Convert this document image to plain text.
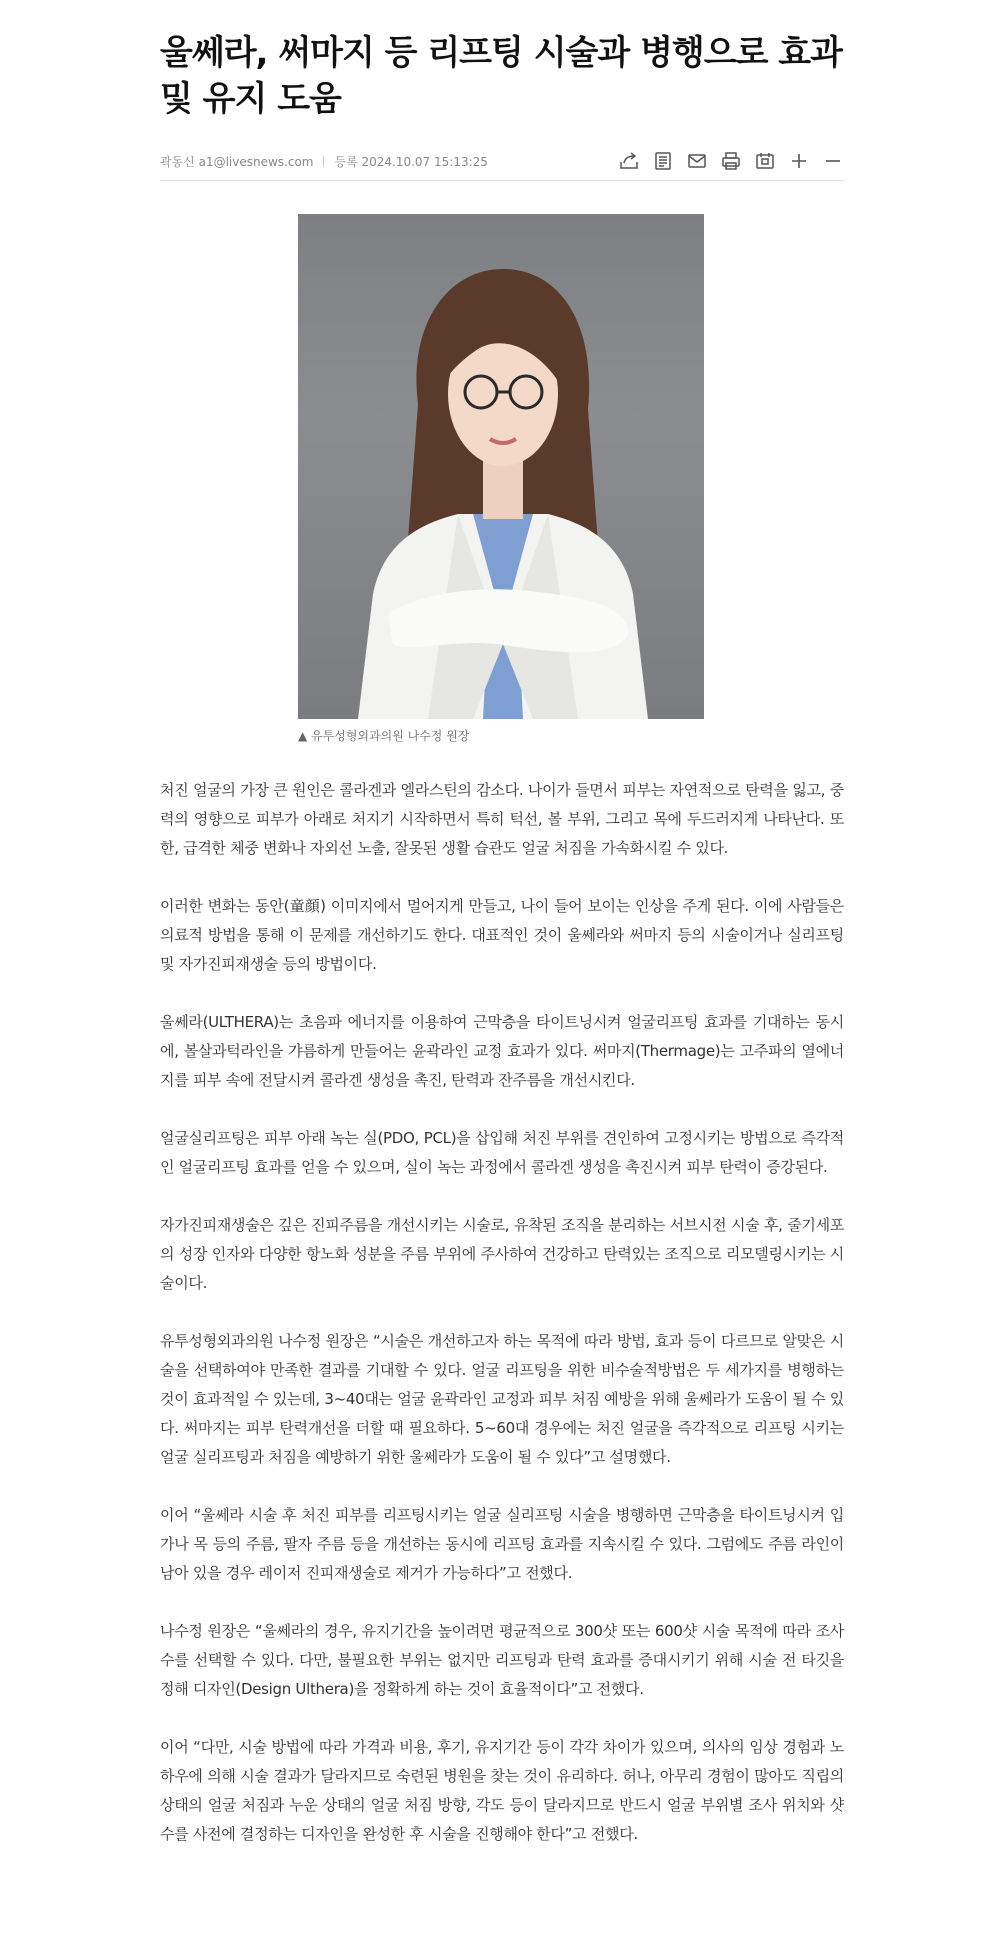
울쎄라, 써마지 등 리프팅 시술과 병행으로 효과 및 유지 도움
곽동신 a1@livesnews.com 등록 2024.10.07 15:13:25
▲ 유투성형외과의원 나수정 원장

처진 얼굴의 가장 큰 원인은 콜라겐과 엘라스틴의 감소다. 나이가 들면서 피부는 자연적으로 탄력을 잃고, 중력의 영향으로 피부가 아래로 처지기 시작하면서 특히 턱선, 볼 부위, 그리고 목에 두드러지게 나타난다. 또한, 급격한 체중 변화나 자외선 노출, 잘못된 생활 습관도 얼굴 처짐을 가속화시킬 수 있다.

이러한 변화는 동안(童顔) 이미지에서 멀어지게 만들고, 나이 들어 보이는 인상을 주게 된다. 이에 사람들은 의료적 방법을 통해 이 문제를 개선하기도 한다. 대표적인 것이 울쎄라와 써마지 등의 시술이거나 실리프팅 및 자가진피재생술 등의 방법이다.

울쎄라(ULTHERA)는 초음파 에너지를 이용하여 근막층을 타이트닝시켜 얼굴리프팅 효과를 기대하는 동시에, 볼살과턱라인을 갸름하게 만들어는 윤곽라인 교정 효과가 있다. 써마지(Thermage)는 고주파의 열에너지를 피부 속에 전달시켜 콜라겐 생성을 촉진, 탄력과 잔주름을 개선시킨다.

얼굴실리프팅은 피부 아래 녹는 실(PDO, PCL)을 삽입해 처진 부위를 견인하여 고정시키는 방법으로 즉각적인 얼굴리프팅 효과를 얻을 수 있으며, 실이 녹는 과정에서 콜라겐 생성을 촉진시켜 피부 탄력이 증강된다.

자가진피재생술은 깊은 진피주름을 개선시키는 시술로, 유착된 조직을 분리하는 서브시전 시술 후, 줄기세포의 성장 인자와 다양한 항노화 성분을 주름 부위에 주사하여 건강하고 탄력있는 조직으로 리모델링시키는 시술이다.

유투성형외과의원 나수정 원장은 “시술은 개선하고자 하는 목적에 따라 방법, 효과 등이 다르므로 알맞은 시술을 선택하여야 만족한 결과를 기대할 수 있다. 얼굴 리프팅을 위한 비수술적방법은 두 세가지를 병행하는 것이 효과적일 수 있는데, 3~40대는 얼굴 윤곽라인 교정과 피부 처짐 예방을 위해 울쎄라가 도움이 될 수 있다. 써마지는 피부 탄력개선을 더할 때 필요하다. 5~60대 경우에는 처진 얼굴을 즉각적으로 리프팅 시키는 얼굴 실리프팅과 처짐을 예방하기 위한 울쎄라가 도움이 될 수 있다”고 설명했다.

이어 “울쎄라 시술 후 처진 피부를 리프팅시키는 얼굴 실리프팅 시술을 병행하면 근막층을 타이트닝시켜 입가나 목 등의 주름, 팔자 주름 등을 개선하는 동시에 리프팅 효과를 지속시킬 수 있다. 그럼에도 주름 라인이 남아 있을 경우 레이저 진피재생술로 제거가 가능하다”고 전했다.

나수정 원장은 “울쎄라의 경우, 유지기간을 높이려면 평균적으로 300샷 또는 600샷 시술 목적에 따라 조사 수를 선택할 수 있다. 다만, 불필요한 부위는 없지만 리프팅과 탄력 효과를 증대시키기 위해 시술 전 타깃을 정해 디자인(Design Ulthera)을 정확하게 하는 것이 효율적이다”고 전했다.

이어 “다만, 시술 방법에 따라 가격과 비용, 후기, 유지기간 등이 각각 차이가 있으며, 의사의 임상 경험과 노하우에 의해 시술 결과가 달라지므로 숙련된 병원을 찾는 것이 유리하다. 허나, 아무리 경험이 많아도 직립의 상태의 얼굴 처짐과 누운 상태의 얼굴 처짐 방향, 각도 등이 달라지므로 반드시 얼굴 부위별 조사 위치와 샷수를 사전에 결정하는 디자인을 완성한 후 시술을 진행해야 한다”고 전했다.
